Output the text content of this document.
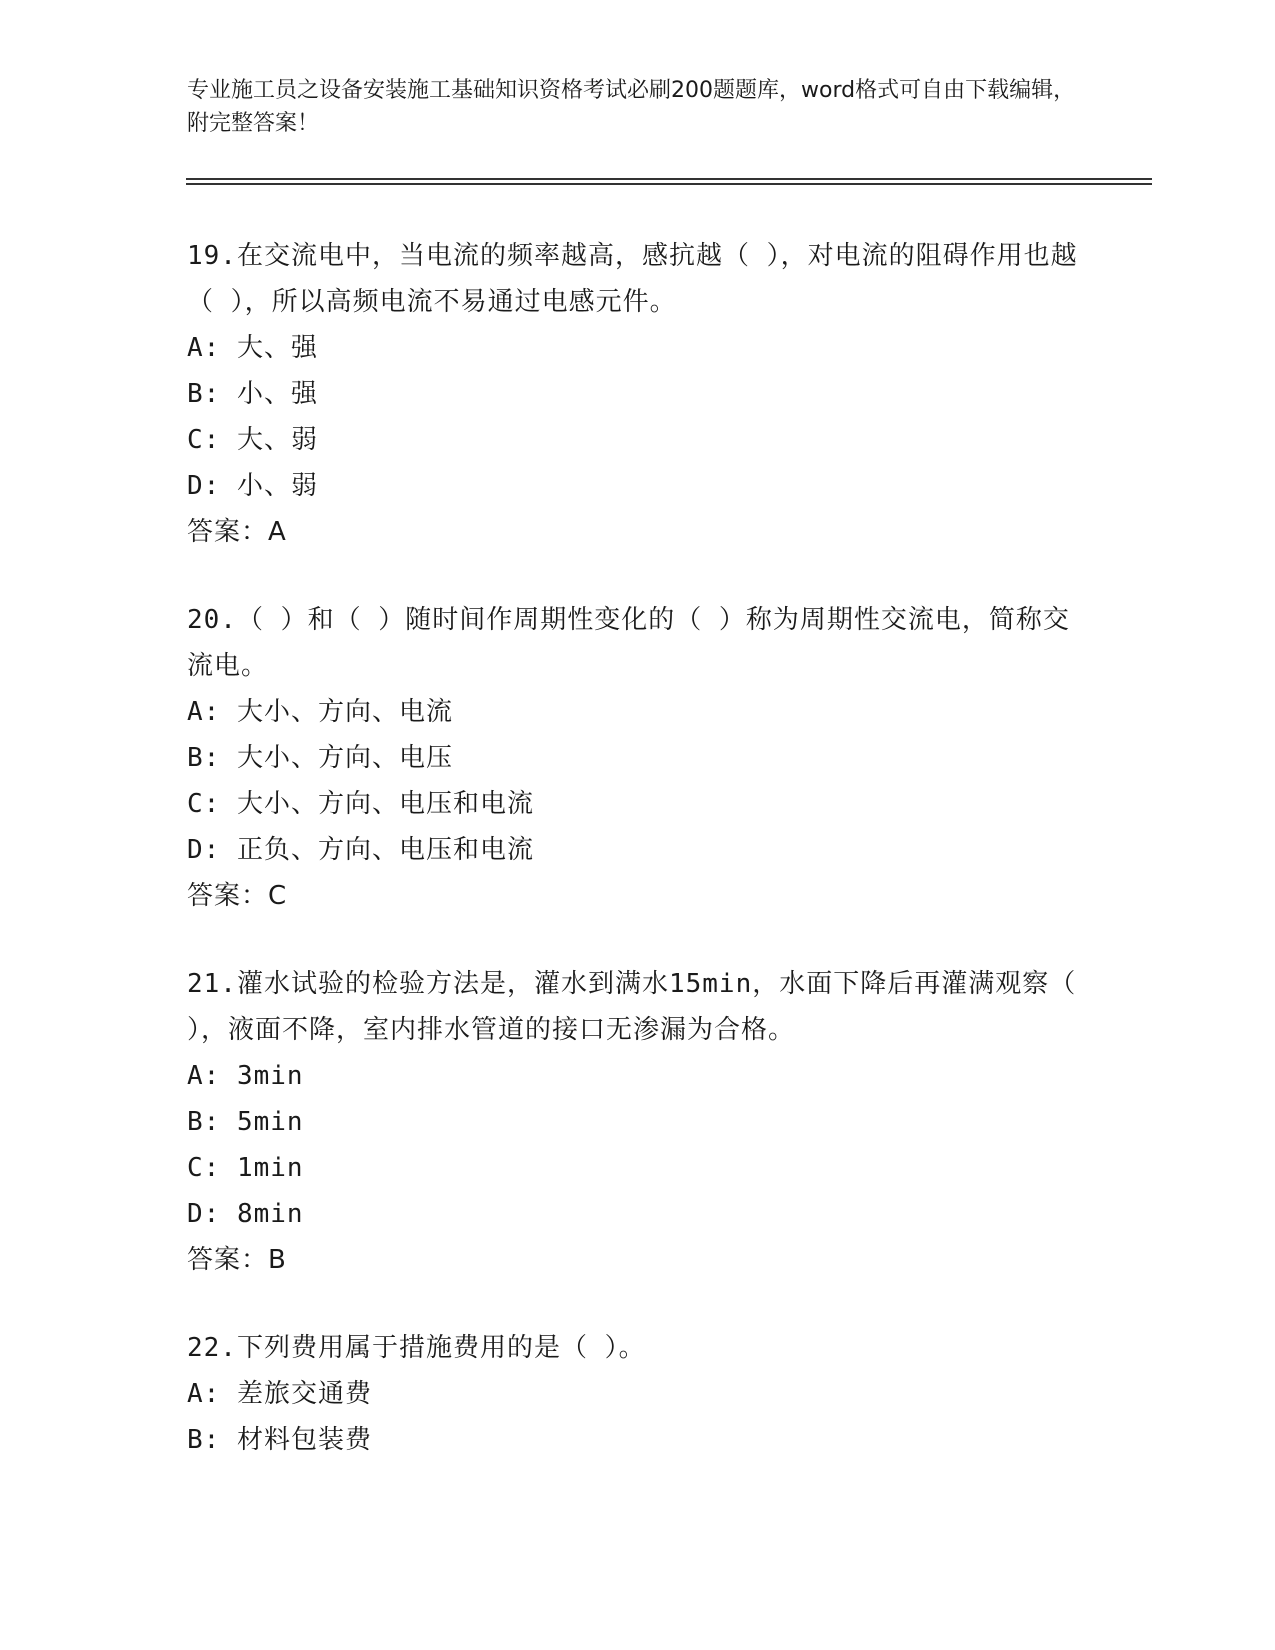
专业施工员之设备安装施工基础知识资格考试必刷200题题库，word格式可自由下载编辑，附完整答案！
19.在交流电中，当电流的频率越高，感抗越（ ），对电流的阻碍作用也越（ ），所以高频电流不易通过电感元件。
A: 大、强
B: 小、强
C: 大、弱
D: 小、弱
答案：A
20.（ ）和（ ）随时间作周期性变化的（ ）称为周期性交流电，简称交流电。
A: 大小、方向、电流
B: 大小、方向、电压
C: 大小、方向、电压和电流
D: 正负、方向、电压和电流
答案：C
21.灌水试验的检验方法是，灌水到满水15min，水面下降后再灌满观察（ ），液面不降，室内排水管道的接口无渗漏为合格。
A: 3min
B: 5min
C: 1min
D: 8min
答案：B
22.下列费用属于措施费用的是（ ）。
A: 差旅交通费
B: 材料包装费
